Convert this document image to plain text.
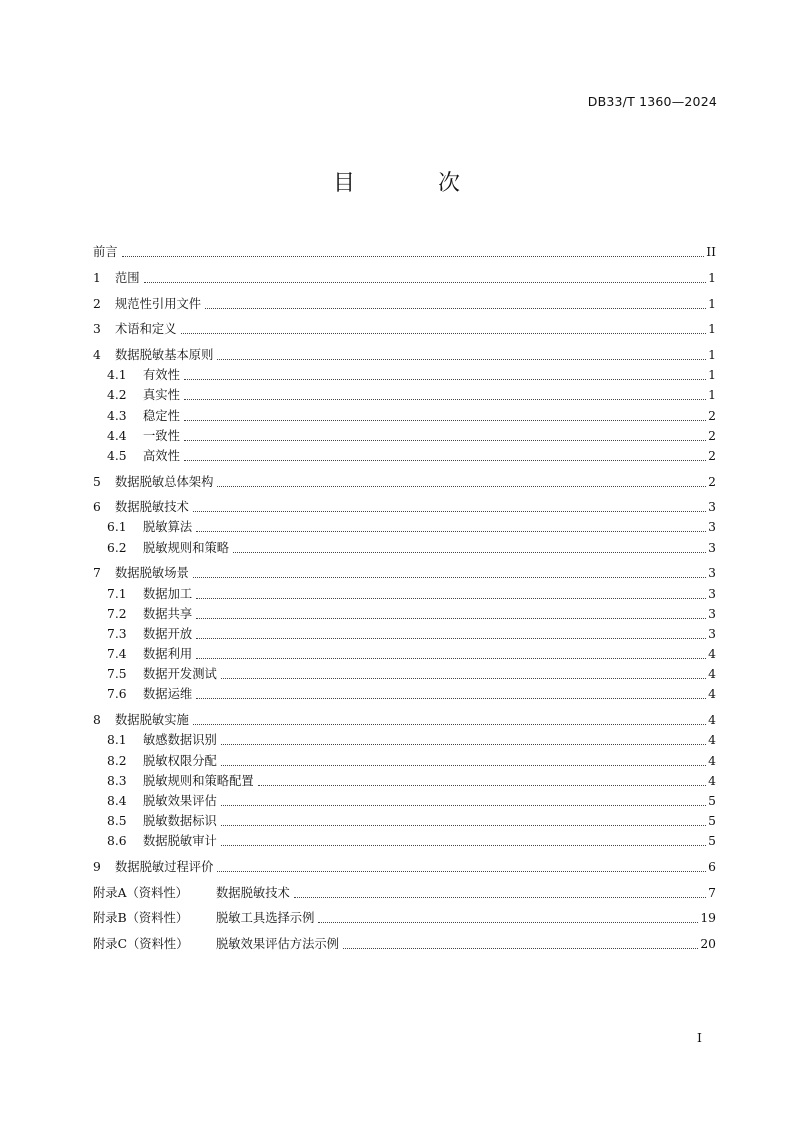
DB33/T 1360—2024
目 次
前言	II
1	范围	1
2	规范性引用文件	1
3	术语和定义	1
4	数据脱敏基本原则	1
4.1	有效性	1
4.2	真实性	1
4.3	稳定性	2
4.4	一致性	2
4.5	高效性	2
5	数据脱敏总体架构	2
6	数据脱敏技术	3
6.1	脱敏算法	3
6.2	脱敏规则和策略	3
7	数据脱敏场景	3
7.1	数据加工	3
7.2	数据共享	3
7.3	数据开放	3
7.4	数据利用	4
7.5	数据开发测试	4
7.6	数据运维	4
8	数据脱敏实施	4
8.1	敏感数据识别	4
8.2	脱敏权限分配	4
8.3	脱敏规则和策略配置	4
8.4	脱敏效果评估	5
8.5	脱敏数据标识	5
8.6	数据脱敏审计	5
9	数据脱敏过程评价	6
附录A（资料性）	数据脱敏技术	7
附录B（资料性）	脱敏工具选择示例	19
附录C（资料性）	脱敏效果评估方法示例	20
I
